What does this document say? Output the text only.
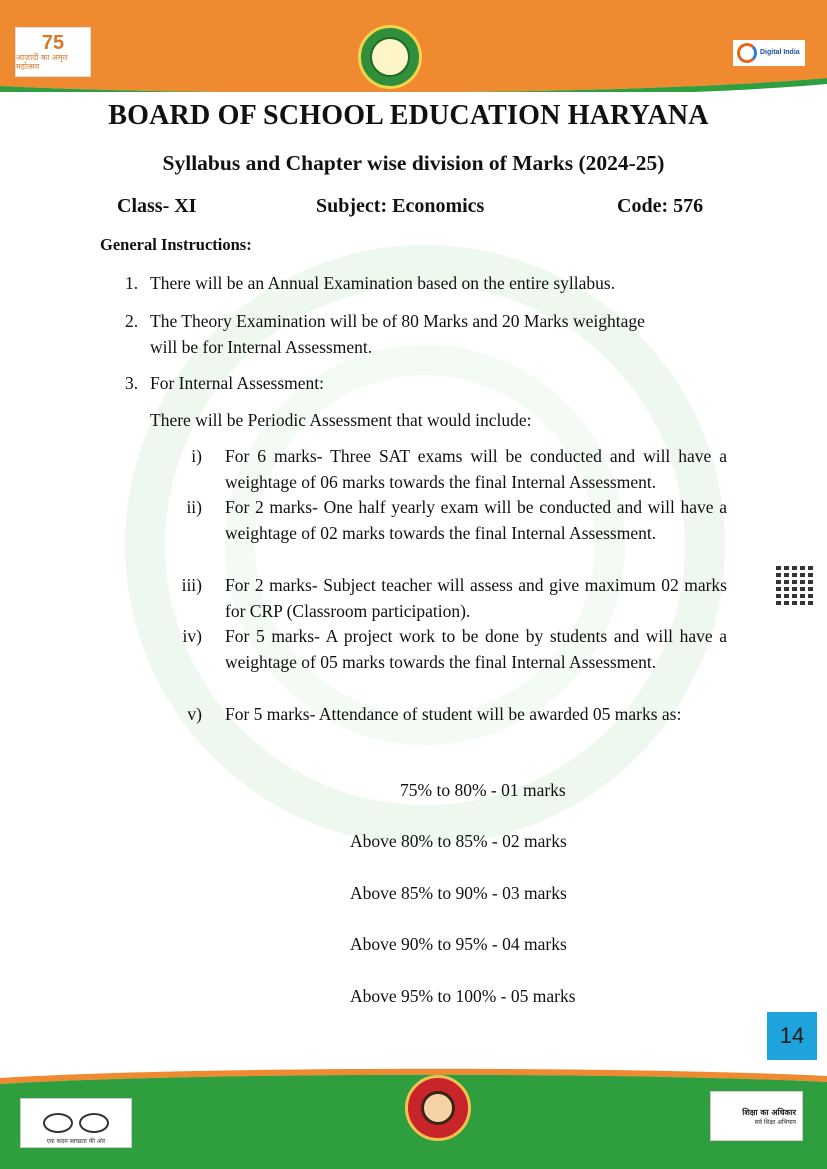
75
आज़ादी का अमृत महोत्सव
Digital India
BOARD OF SCHOOL EDUCATION HARYANA
Syllabus and Chapter wise division of Marks (2024-25)
Class- XI	Subject: Economics	Code: 576
General Instructions:
1. There will be an Annual Examination based on the entire syllabus.
2. The Theory Examination will be of 80 Marks and 20 Marks weightage
will be for Internal Assessment.
3. For Internal Assessment:
There will be Periodic Assessment that would include:
i) For 6 marks- Three SAT exams will be conducted and will have a weightage of 06 marks towards the final Internal Assessment.
ii) For 2 marks- One half yearly exam will be conducted and will have a weightage of 02 marks towards the final Internal Assessment.
iii) For 2 marks- Subject teacher will assess and give maximum 02 marks for CRP (Classroom participation).
iv) For 5 marks- A project work to be done by students and will have a weightage of 05 marks towards the final Internal Assessment.
v) For 5 marks- Attendance of student will be awarded 05 marks as:
75% to 80% - 01 marks
Above 80% to 85% - 02 marks
Above 85% to 90% - 03 marks
Above 90% to 95% - 04 marks
Above 95% to 100% - 05 marks
14
एक कदम स्वच्छता की ओर
शिक्षा का अधिकार
सर्व शिक्षा अभियान
